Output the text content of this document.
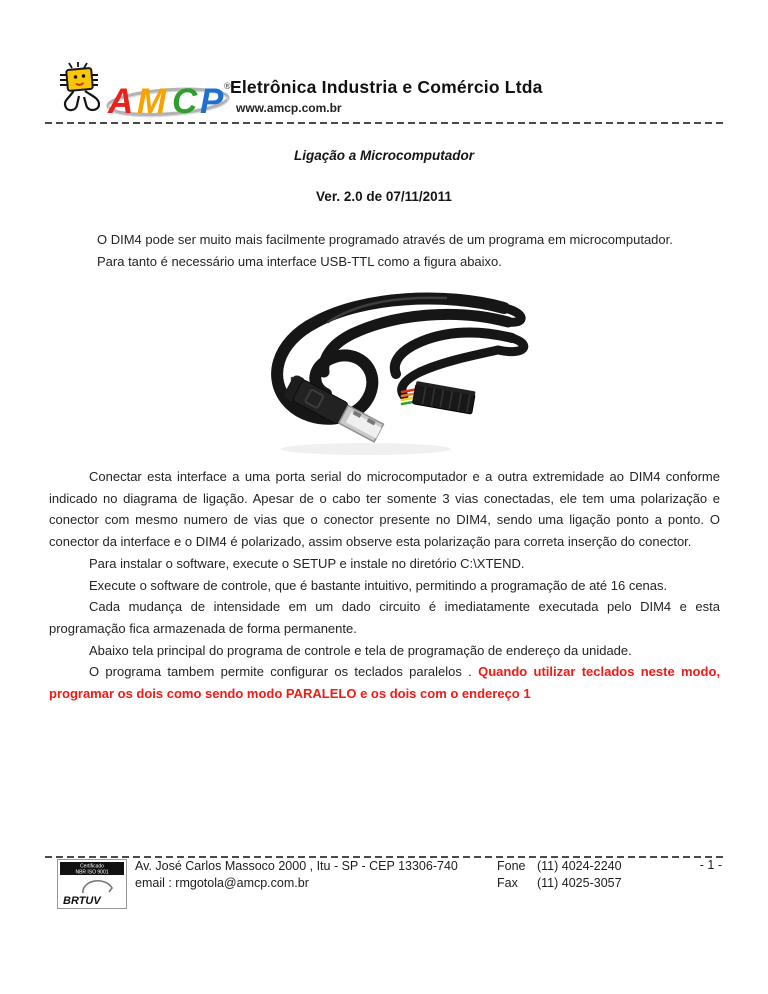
A M C P ® Eletrônica Industria e Comércio Ltda
www.amcp.com.br
Ligação a Microcomputador
Ver. 2.0 de 07/11/2011
O DIM4 pode ser muito mais facilmente programado através de um programa em microcomputador.
Para tanto é necessário uma interface USB-TTL como a figura abaixo.

Conectar esta interface a uma porta serial do microcomputador e a outra extremidade ao DIM4 conforme indicado no diagrama de ligação. Apesar de o cabo ter somente 3 vias conectadas, ele tem uma polarização e conector com mesmo numero de vias que o conector presente no DIM4, sendo uma ligação ponto a ponto. O conector da interface e o DIM4 é polarizado, assim observe esta polarização para correta inserção do conector.

Para instalar o software, execute o SETUP e instale no diretório C:\XTEND.

Execute o software de controle, que é bastante intuitivo, permitindo a programação de até 16 cenas.

Cada mudança de intensidade em um dado circuito é imediatamente executada pelo DIM4 e esta programação fica armazenada de forma permanente.

Abaixo tela principal do programa de controle e tela de programação de endereço da unidade.

O programa tambem permite configurar os teclados paralelos . Quando utilizar teclados neste modo, programar os dois como sendo modo PARALELO e os dois com o endereço 1

Certificado
NBR ISO 9001
BRTUV
Av. José Carlos Massoco 2000 , Itu - SP - CEP 13306-740
email : rmgotola@amcp.com.br
Fone (11) 4024-2240
Fax (11) 4025-3057
- 1 -
